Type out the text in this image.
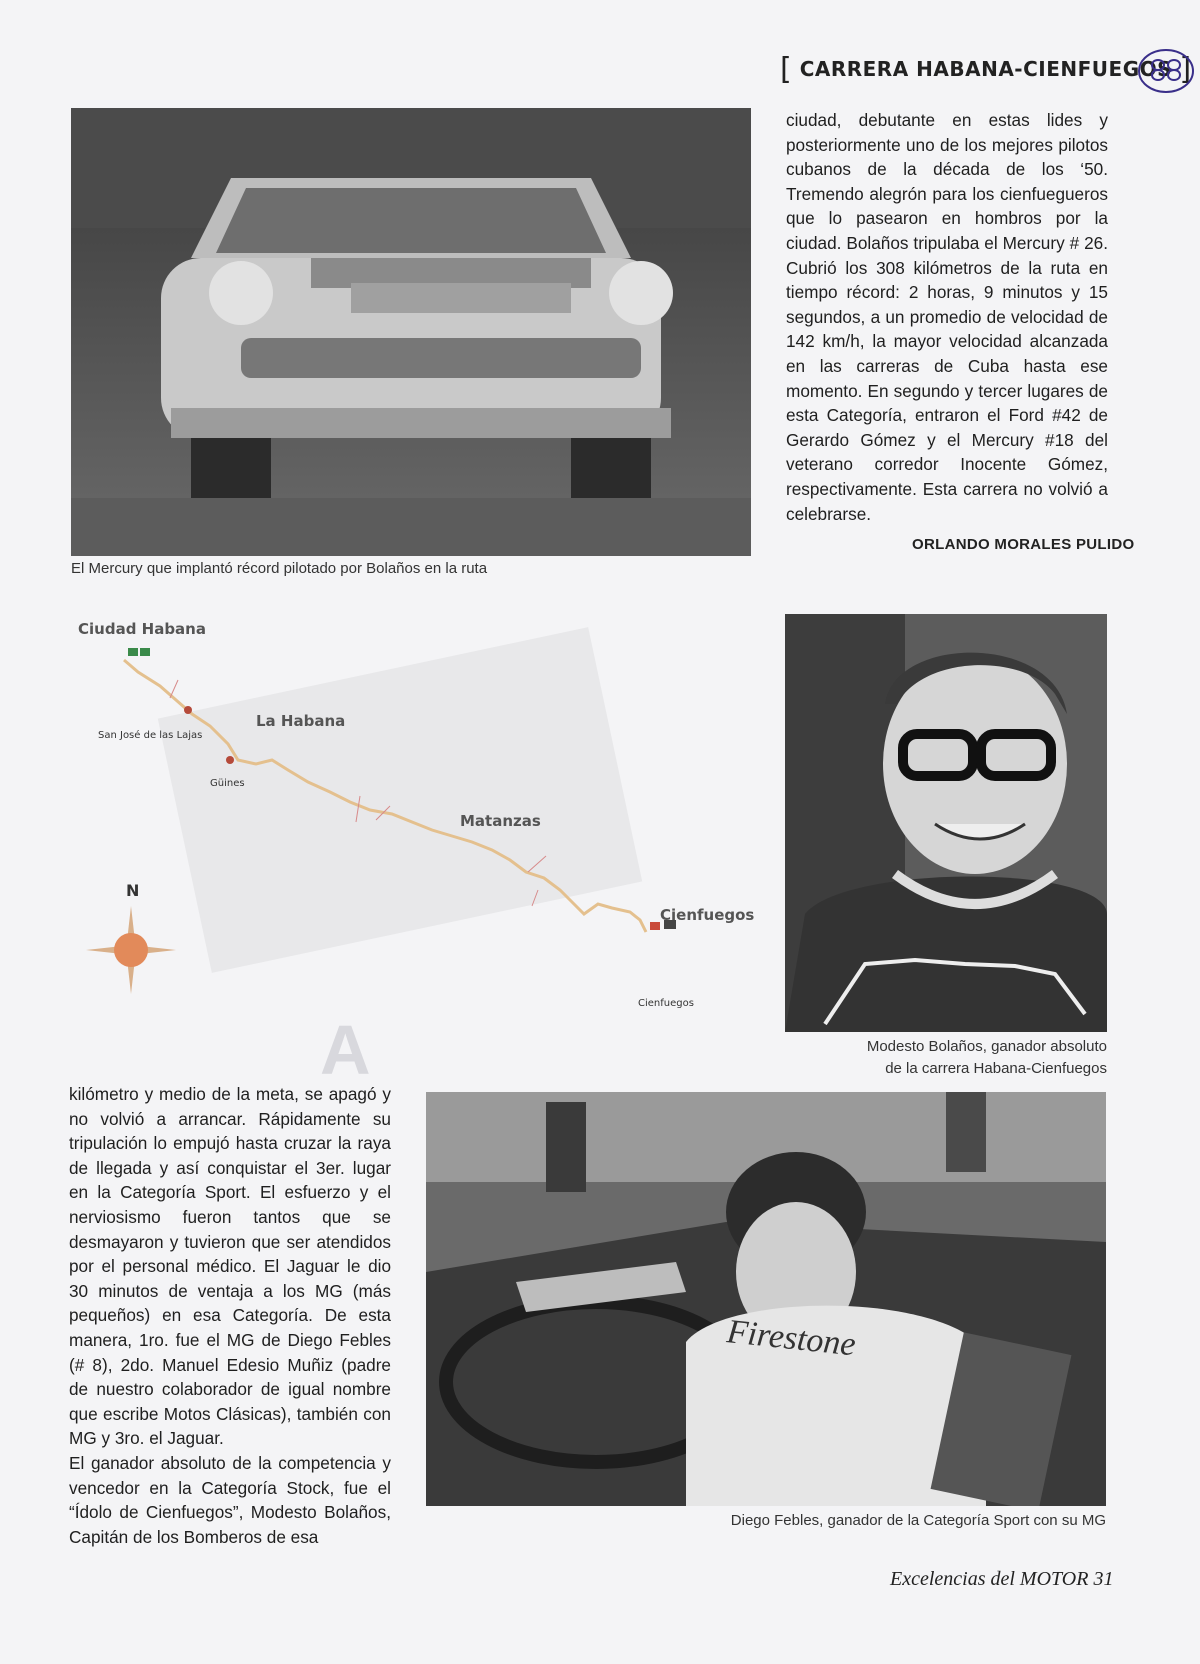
[ CARRERA HABANA-CIENFUEGOS ]
El Mercury que implantó récord pilotado por Bolaños en la ruta

ciudad, debutante en estas lides y posteriormente uno de los mejores pilotos cubanos de la década de los ‘50. Tremendo alegrón para los cienfuegueros que lo pasearon en hombros por la ciudad. Bolaños tripulaba el Mercury # 26. Cubrió los 308 kilómetros de la ruta en tiempo récord: 2 horas, 9 minutos y 15 segundos, a un promedio de velocidad de 142 km/h, la mayor velocidad alcanzada en las carreras de Cuba hasta ese momento. En segundo y tercer lugares de esta Categoría, entraron el Ford #42 de Gerardo Gómez y el Mercury #18 del veterano corredor Inocente Gómez, respectivamente. Esta carrera no volvió a celebrarse.

ORLANDO MORALES PULIDO
Ciudad Habana
La Habana
Matanzas
Cienfuegos
San José de las Lajas
Güines
Cienfuegos
N
Modesto Bolaños, ganador absoluto
de la carrera Habana-Cienfuegos
A

kilómetro y medio de la meta, se apagó y no volvió a arrancar. Rápidamente su tripulación lo empujó hasta cruzar la raya de llegada y así conquistar el 3er. lugar en la Categoría Sport. El esfuerzo y el nerviosismo fueron tantos que se desmayaron y tuvieron que ser atendidos por el personal médico. El Jaguar le dio 30 minutos de ventaja a los MG (más pequeños) en esa Categoría. De esta manera, 1ro. fue el MG de Diego Febles (# 8), 2do. Manuel Edesio Muñiz (padre de nuestro colaborador de igual nombre que escribe Motos Clásicas), también con MG y 3ro. el Jaguar.

El ganador absoluto de la competencia y vencedor en la Categoría Stock, fue el “Ídolo de Cienfuegos”, Modesto Bolaños, Capitán de los Bomberos de esa

Firestone
Diego Febles, ganador de la Categoría Sport con su MG
Excelencias del MOTOR 31
